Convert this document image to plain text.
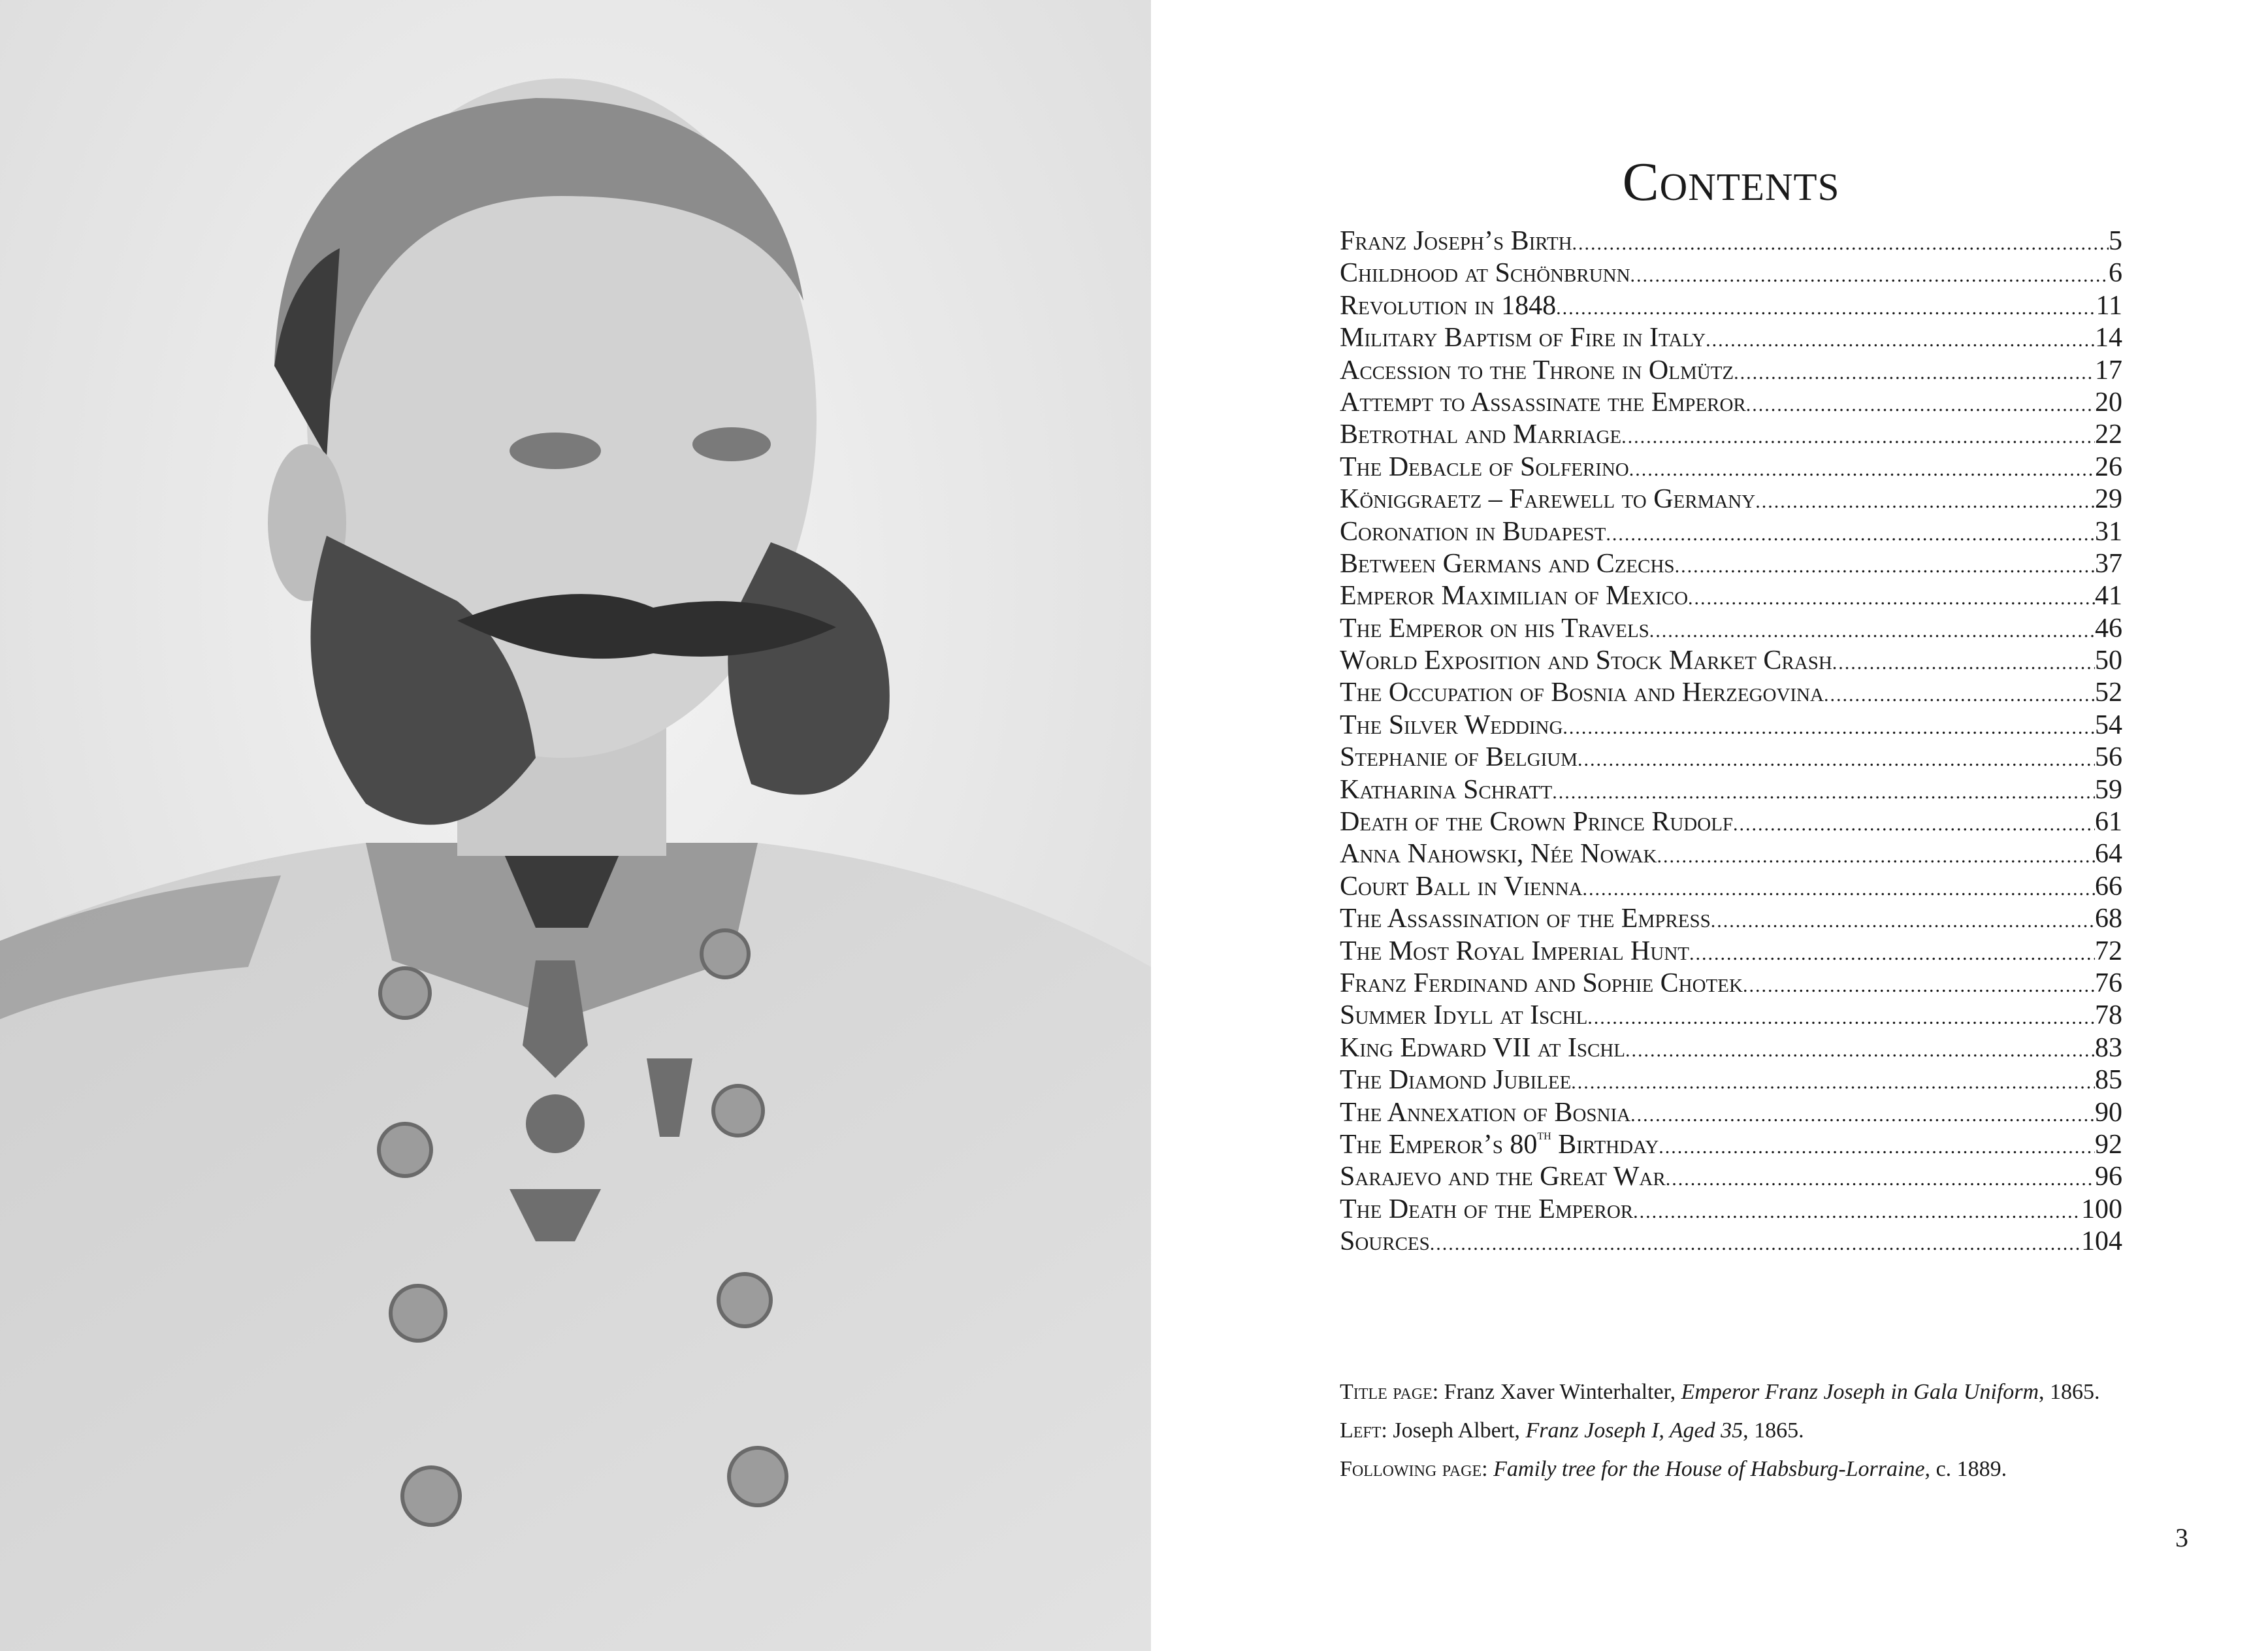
Contents
Franz Joseph’s Birth .....	5
Childhood at Schönbrunn .....	6
Revolution in 1848 .....	11
Military Baptism of Fire in Italy .....	14
Accession to the Throne in Olmütz .....	17
Attempt to Assassinate the Emperor .....	20
Betrothal and Marriage .....	22
The Debacle of Solferino .....	26
Königgraetz – Farewell to Germany .....	29
Coronation in Budapest .....	31
Between Germans and Czechs .....	37
Emperor Maximilian of Mexico .....	41
The Emperor on his Travels .....	46
World Exposition and Stock Market Crash .....	50
The Occupation of Bosnia and Herzegovina .....	52
The Silver Wedding .....	54
Stephanie of Belgium .....	56
Katharina Schratt .....	59
Death of the Crown Prince Rudolf .....	61
Anna Nahowski, Née Nowak .....	64
Court Ball in Vienna .....	66
The Assassination of the Empress .....	68
The Most Royal Imperial Hunt .....	72
Franz Ferdinand and Sophie Chotek .....	76
Summer Idyll at Ischl .....	78
King Edward VII at Ischl .....	83
The Diamond Jubilee .....	85
The Annexation of Bosnia .....	90
The Emperor’s 80th Birthday .....	92
Sarajevo and the Great War .....	96
The Death of the Emperor .....	100
Sources .....	104
Title page: Franz Xaver Winterhalter, Emperor Franz Joseph in Gala Uniform, 1865.
Left: Joseph Albert, Franz Joseph I, Aged 35, 1865.
Following page: Family tree for the House of Habsburg-Lorraine, c. 1889.
3
